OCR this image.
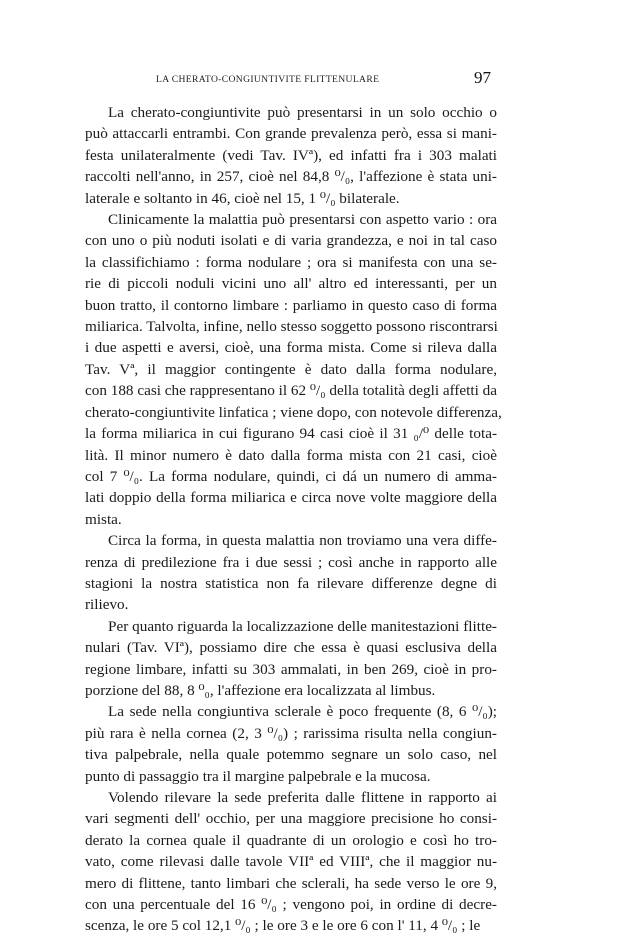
LA CHERATO-CONGIUNTIVITE FLITTENULARE	97

La cherato-congiuntivite può presentarsi in un solo occhio o
può attaccarli entrambi. Con grande prevalenza però, essa si mani-
festa unilateralmente (vedi Tav. IVª), ed infatti fra i 303 malati
raccolti nell'anno, in 257, cioè nel 84,8 ⁰/₀, l'affezione è stata uni-
laterale e soltanto in 46, cioè nel 15, 1 ⁰/₀ bilaterale.

Clinicamente la malattia può presentarsi con aspetto vario : ora
con uno o più noduti isolati e di varia grandezza, e noi in tal caso
la classifichiamo : forma nodulare ; ora si manifesta con una se-
rie di piccoli noduli vicini uno all' altro ed interessanti, per un
buon tratto, il contorno limbare : parliamo in questo caso di forma
miliarica. Talvolta, infine, nello stesso soggetto possono riscontrarsi
i due aspetti e aversi, cioè, una forma mista. Come si rileva dalla
Tav. Vª, il maggior contingente è dato dalla forma nodulare,
con 188 casi che rappresentano il 62 ⁰/₀ della totalità degli affetti da
cherato-congiuntivite linfatica ; viene dopo, con notevole differenza,
la forma miliarica in cui figurano 94 casi cioè il 31 ₀/⁰ delle tota-
lità. Il minor numero è dato dalla forma mista con 21 casi, cioè
col 7 ⁰/₀. La forma nodulare, quindi, ci dá un numero di amma-
lati doppio della forma miliarica e circa nove volte maggiore della
mista.

Circa la forma, in questa malattia non troviamo una vera diffe-
renza di predilezione fra i due sessi ; così anche in rapporto alle
stagioni la nostra statistica non fa rilevare differenze degne di
rilievo.

Per quanto riguarda la localizzazione delle manitestazioni flitte-
nulari (Tav. VIª), possiamo dire che essa è quasi esclusiva della
regione limbare, infatti su 303 ammalati, in ben 269, cioè in pro-
porzione del 88, 8 ⁰₀, l'affezione era localizzata al limbus.

La sede nella congiuntiva sclerale è poco frequente (8, 6 ⁰/₀);
più rara è nella cornea (2, 3 ⁰/₀) ; rarissima risulta nella congiun-
tiva palpebrale, nella quale potemmo segnare un solo caso, nel
punto di passaggio tra il margine palpebrale e la mucosa.

Volendo rilevare la sede preferita dalle flittene in rapporto ai
vari segmenti dell' occhio, per una maggiore precisione ho consi-
derato la cornea quale il quadrante di un orologio e così ho tro-
vato, come rilevasi dalle tavole VIIª ed VIIIª, che il maggior nu-
mero di flittene, tanto limbari che sclerali, ha sede verso le ore 9,
con una percentuale del 16 ⁰/₀ ; vengono poi, in ordine di decre-
scenza, le ore 5 col 12,1 ⁰/₀ ; le ore 3 e le ore 6 con l' 11, 4 ⁰/₀ ; le
